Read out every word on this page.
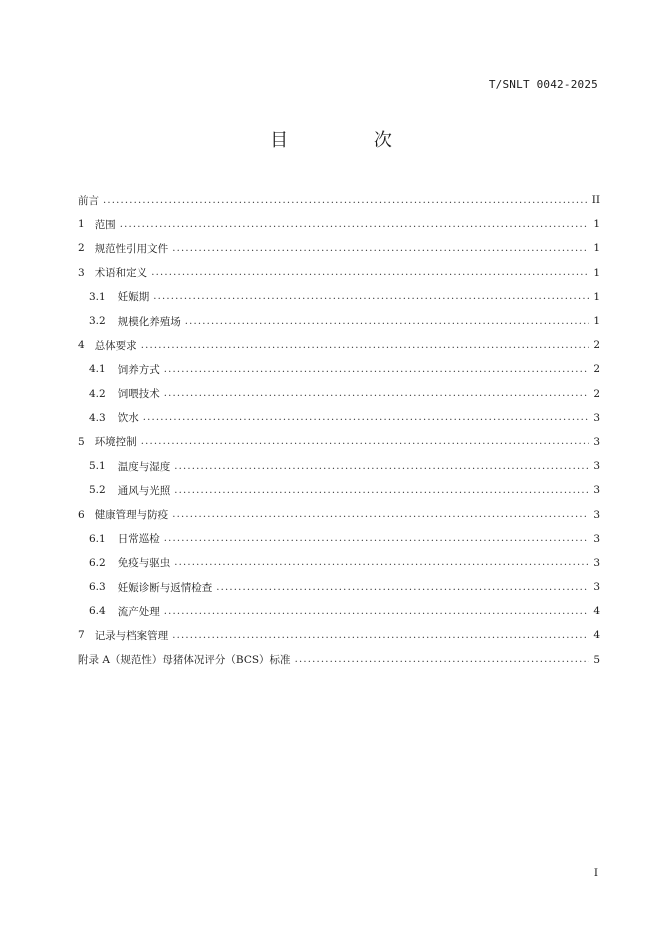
T/SNLT 0042-2025
目 次
前言 .....	II
1 范围 .....	1
2 规范性引用文件 .....	1
3 术语和定义 .....	1
3.1 妊娠期 .....	1
3.2 规模化养殖场 .....	1
4 总体要求 .....	2
4.1 饲养方式 .....	2
4.2 饲喂技术 .....	2
4.3 饮水 .....	3
5 环境控制 .....	3
5.1 温度与湿度 .....	3
5.2 通风与光照 .....	3
6 健康管理与防疫 .....	3
6.1 日常巡检 .....	3
6.2 免疫与驱虫 .....	3
6.3 妊娠诊断与返情检查 .....	3
6.4 流产处理 .....	4
7 记录与档案管理 .....	4
附录 A（规范性）母猪体况评分（BCS）标准 .....	5
I
